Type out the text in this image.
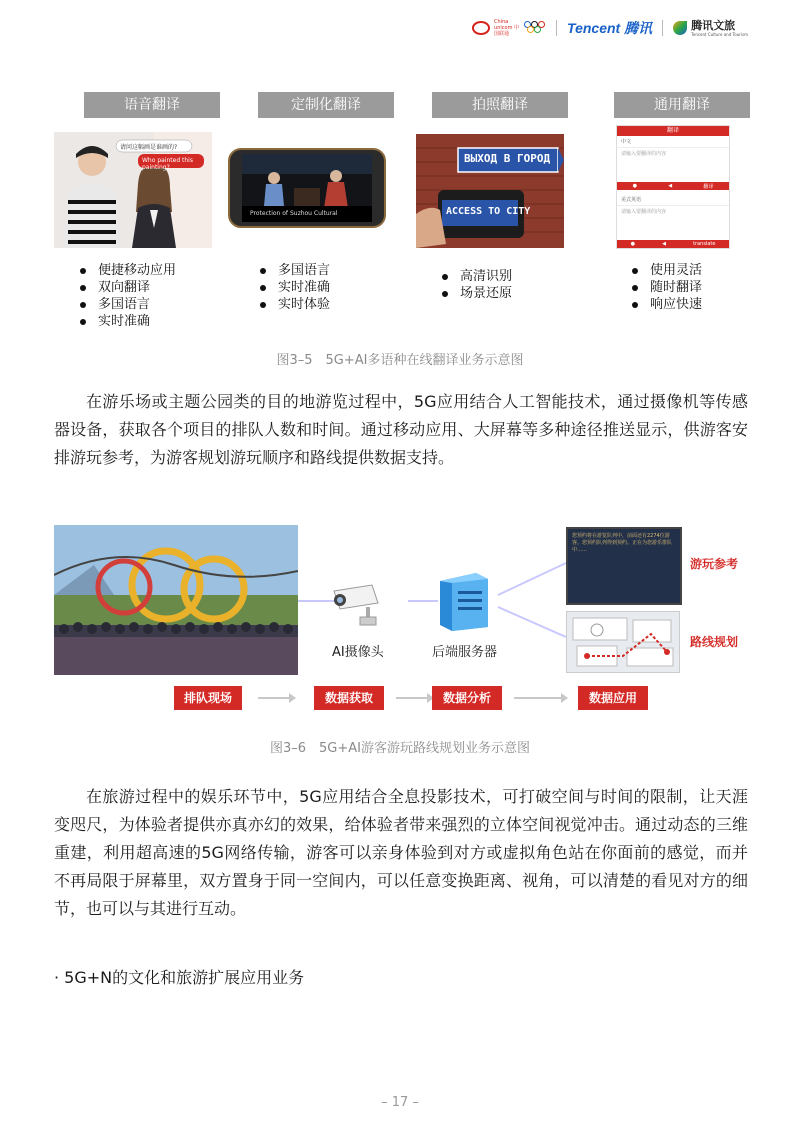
China unicom 中国联通	Tencent 腾讯	腾讯文旅
Tencent Culture and Tourism
语音翻译
请问这幅画是谁画的?
Who painted this painting?
便捷移动应用
双向翻译
多国语言
实时准确
定制化翻译
Protection of Suzhou Cultural
多国语言
实时准确
实时体验
拍照翻译
ВЫХОД В ГОРОД
ACCESS TO CITY
高清识别
场景还原
通用翻译
翻译
中文
请输入要翻译的内容
●	◀	翻译
美式英语
请输入要翻译的内容
●	◀	translate
使用灵活
随时翻译
响应快速
图3–5　5G+AI多语种在线翻译业务示意图

在游乐场或主题公园类的目的地游览过程中，5G应用结合人工智能技术，通过摄像机等传感器设备，获取各个项目的排队人数和时间。通过移动应用、大屏幕等多种途径推送显示，供游客安排游玩参考，为游客规划游玩顺序和路线提供数据支持。

AI摄像头	后端服务器
您预约将在游览队列中，前面还有2274位游客。您预约队列得到预约。正在为您游乐排队中……
游玩参考
路线规划
排队现场	数据获取	数据分析	数据应用
图3–6　5G+AI游客游玩路线规划业务示意图

在旅游过程中的娱乐环节中，5G应用结合全息投影技术，可打破空间与时间的限制，让天涯变咫尺，为体验者提供亦真亦幻的效果，给体验者带来强烈的立体空间视觉冲击。通过动态的三维重建，利用超高速的5G网络传输，游客可以亲身体验到对方或虚拟角色站在你面前的感觉，而并不再局限于屏幕里，双方置身于同一空间内，可以任意变换距离、视角，可以清楚的看见对方的细节，也可以与其进行互动。

· 5G+N的文化和旅游扩展应用业务
– 17 –
